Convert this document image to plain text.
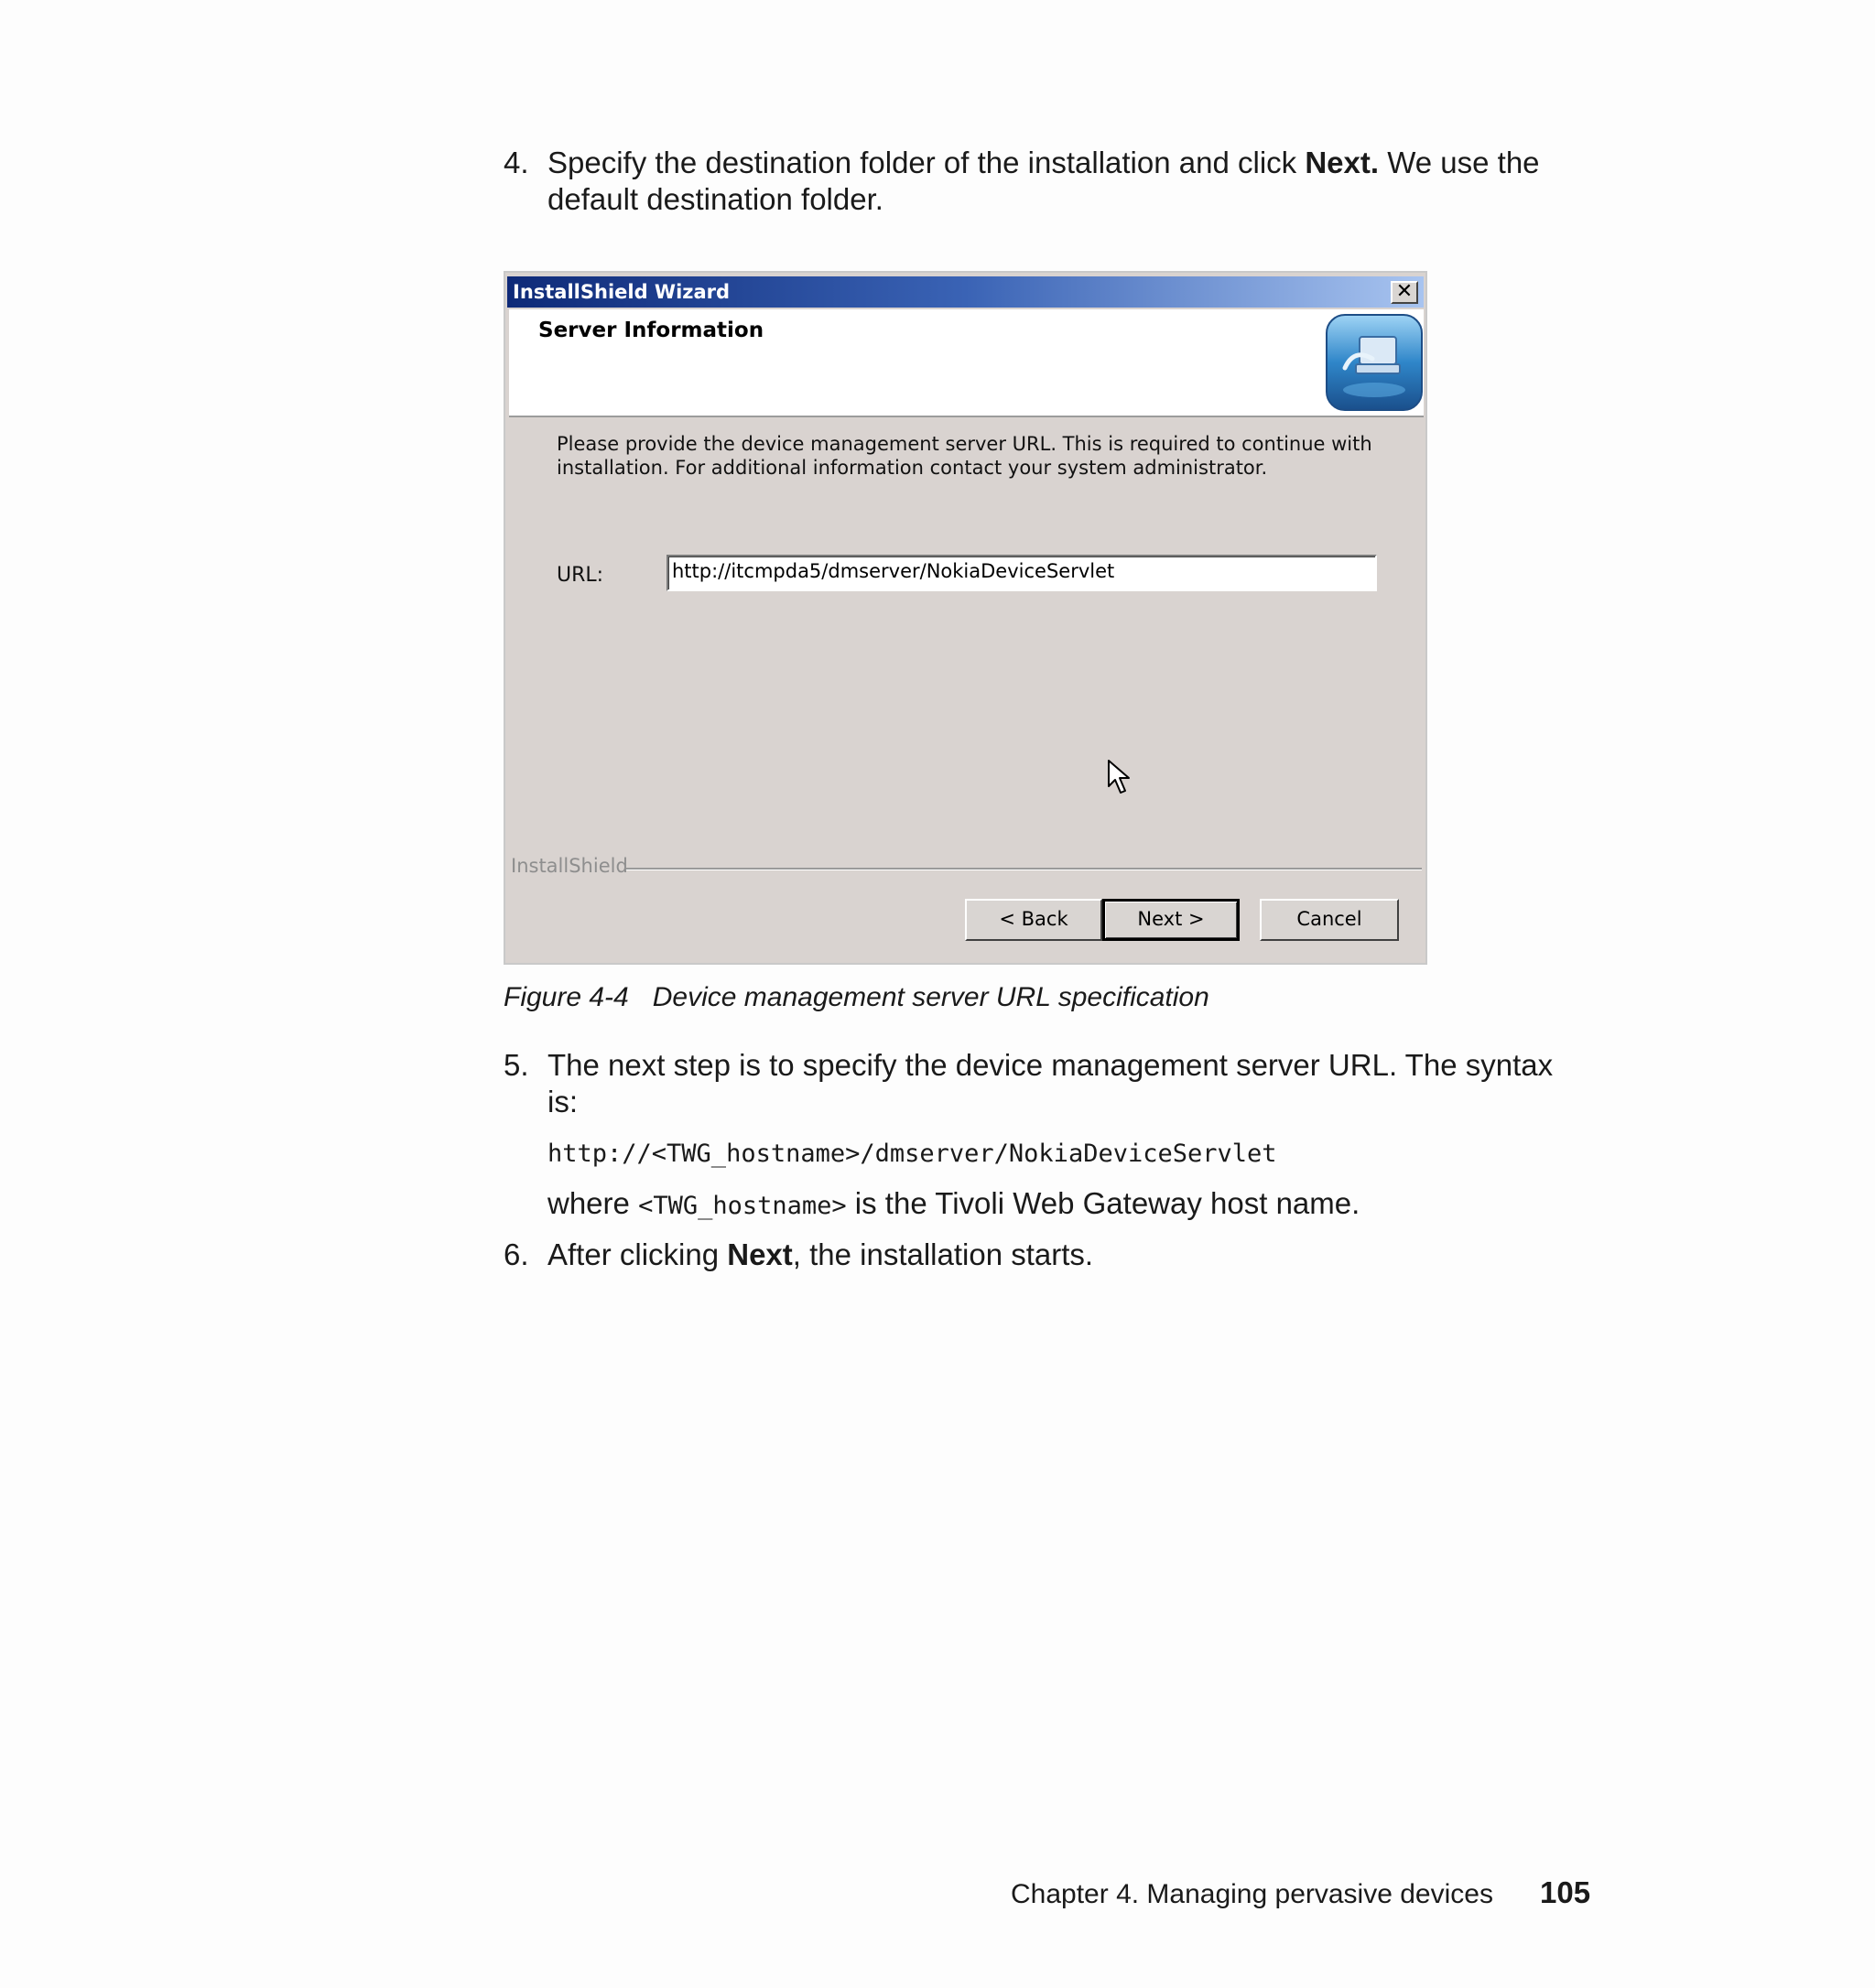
4. Specify the destination folder of the installation and click Next. We use the
default destination folder.
InstallShield Wizard	✕
Server Information
Please provide the device management server URL. This is required to continue with
installation. For additional information contact your system administrator.
URL:	http://itcmpda5/dmserver/NokiaDeviceServlet
InstallShield
< Back	Next >	Cancel
Figure 4-4 Device management server URL specification
5. The next step is to specify the device management server URL. The syntax
is:
http://<TWG_hostname>/dmserver/NokiaDeviceServlet
where <TWG_hostname> is the Tivoli Web Gateway host name.
6. After clicking Next, the installation starts.
Chapter 4. Managing pervasive devices 105
